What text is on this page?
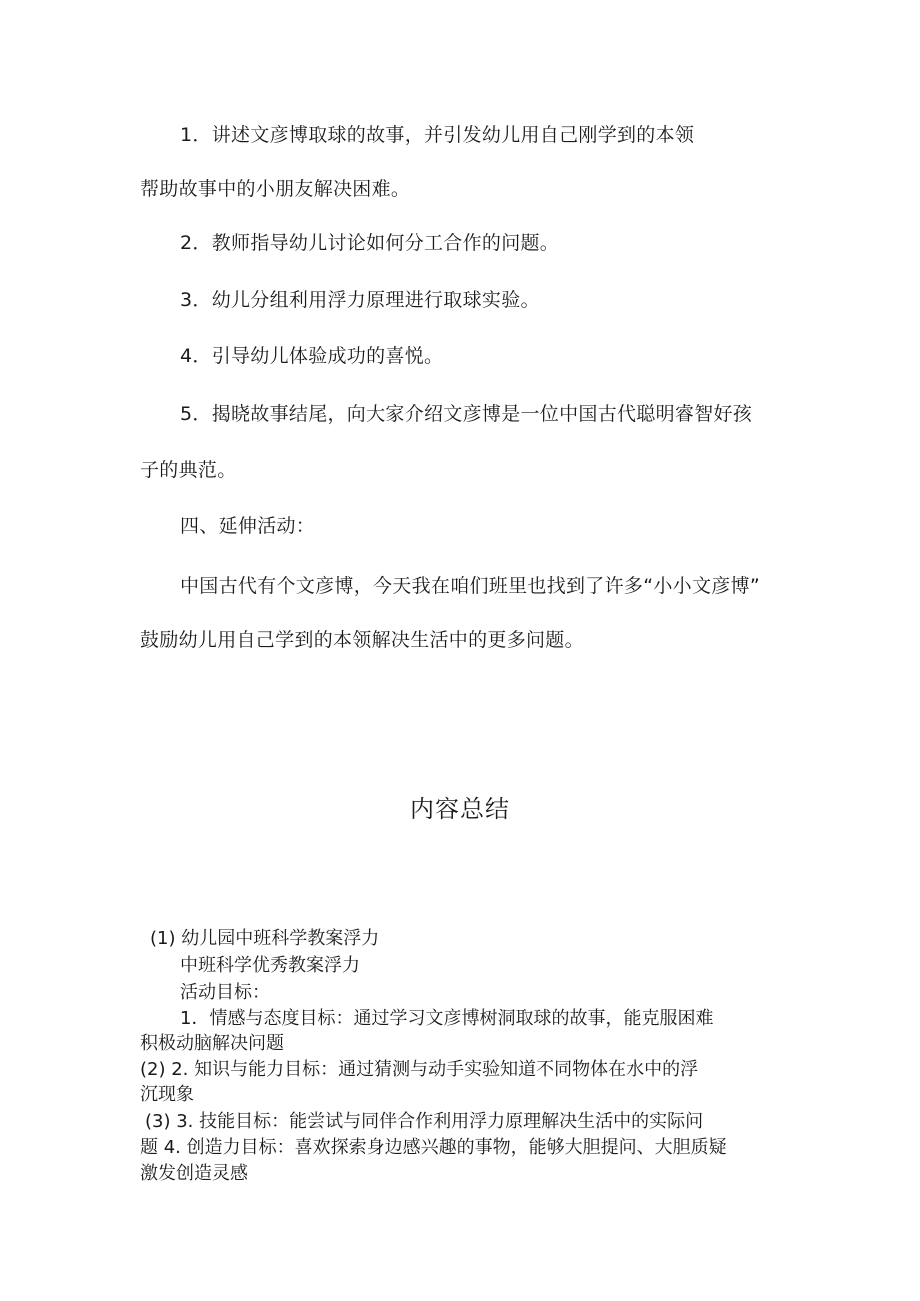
1．讲述文彦博取球的故事，并引发幼儿用自己刚学到的本领
帮助故事中的小朋友解决困难。
2．教师指导幼儿讨论如何分工合作的问题。
3．幼儿分组利用浮力原理进行取球实验。
4．引导幼儿体验成功的喜悦。
5．揭晓故事结尾，向大家介绍文彦博是一位中国古代聪明睿智好孩
子的典范。
四、延伸活动：
中国古代有个文彦博，今天我在咱们班里也找到了许多“小小文彦博”
鼓励幼儿用自己学到的本领解决生活中的更多问题。
内容总结
(1) 幼儿园中班科学教案浮力
中班科学优秀教案浮力
活动目标：
1．情感与态度目标：通过学习文彦博树洞取球的故事，能克服困难
积极动脑解决问题
(2) 2. 知识与能力目标：通过猜测与动手实验知道不同物体在水中的浮
沉现象
(3) 3. 技能目标：能尝试与同伴合作利用浮力原理解决生活中的实际问
题 4. 创造力目标：喜欢探索身边感兴趣的事物，能够大胆提问、大胆质疑
激发创造灵感
